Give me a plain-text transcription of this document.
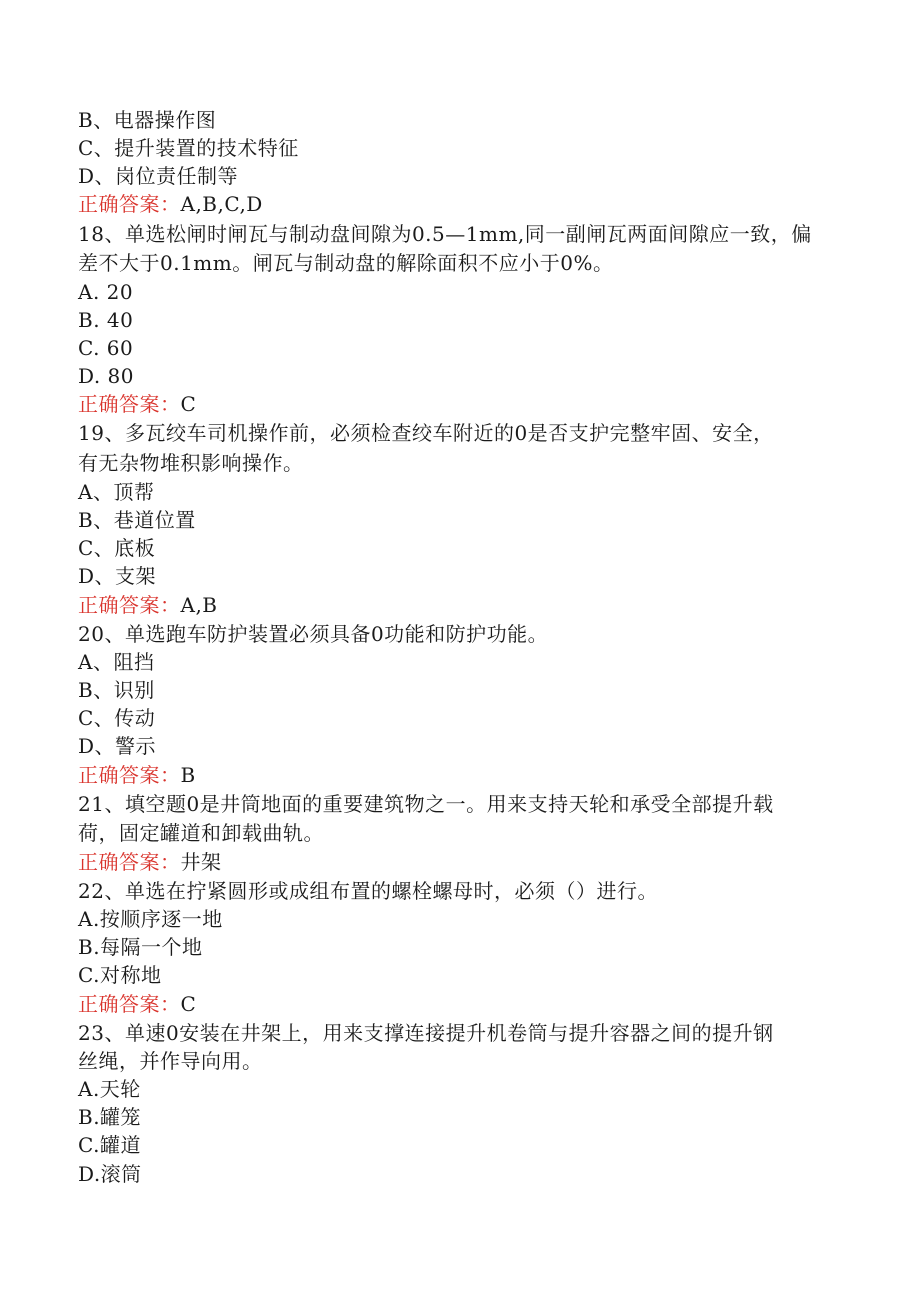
B、电器操作图
C、提升装置的技术特征
D、岗位责任制等
正确答案：A,B,C,D
18、单选松闸时闸瓦与制动盘间隙为0.5—1mm,同一副闸瓦两面间隙应一致，偏
差不大于0.1mm。闸瓦与制动盘的解除面积不应小于0%。
A. 20
B. 40
C. 60
D. 80
正确答案：C
19、多瓦绞车司机操作前，必须检查绞车附近的0是否支护完整牢固、安全，
有无杂物堆积影响操作。
A、顶帮
B、巷道位置
C、底板
D、支架
正确答案：A,B
20、单选跑车防护装置必须具备0功能和防护功能。
A、阻挡
B、识别
C、传动
D、警示
正确答案：B
21、填空题0是井筒地面的重要建筑物之一。用来支持天轮和承受全部提升载
荷，固定罐道和卸载曲轨。
正确答案：井架
22、单选在拧紧圆形或成组布置的螺栓螺母时，必须（）进行。
A.按顺序逐一地
B.每隔一个地
C.对称地
正确答案：C
23、单速0安装在井架上，用来支撑连接提升机卷筒与提升容器之间的提升钢
丝绳，并作导向用。
A.天轮
B.罐笼
C.罐道
D.滚筒
